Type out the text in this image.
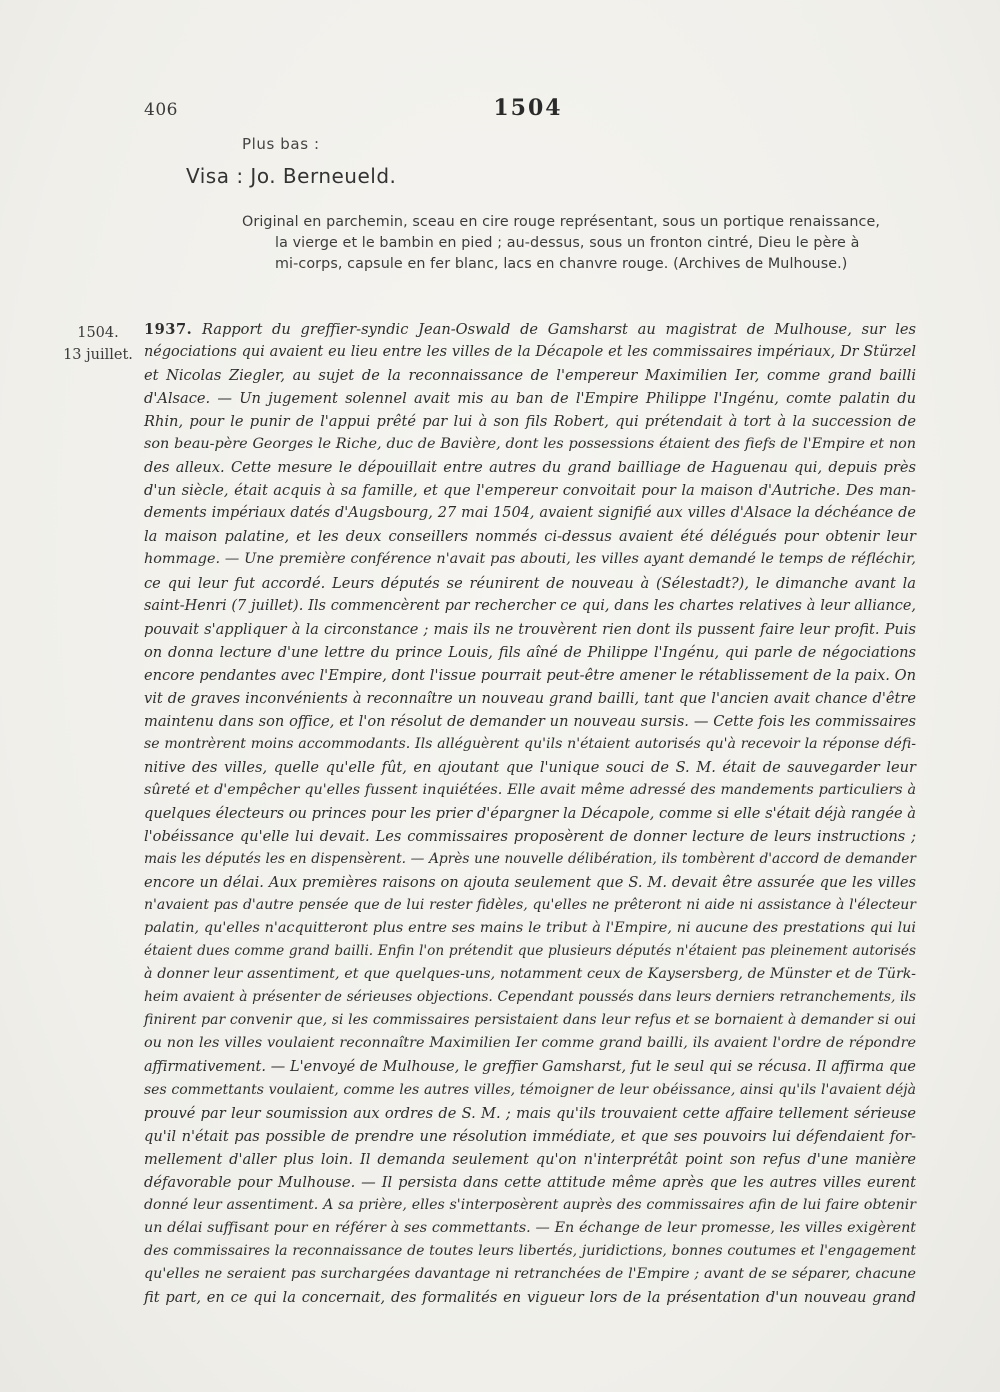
406	1504
Plus bas :
Visa : Jo. Berneueld.
Original en parchemin, sceau en cire rouge représentant, sous un portique renaissance,
la vierge et le bambin en pied ; au-dessus, sous un fronton cintré, Dieu le père à
mi-corps, capsule en fer blanc, lacs en chanvre rouge. (Archives de Mulhouse.)
1504.
13 juillet.
1937. Rapport du greffier-syndic Jean-Oswald de Gamsharst au magistrat de Mulhouse, sur les
négociations qui avaient eu lieu entre les villes de la Décapole et les commissaires impériaux, Dr Stürzel
et Nicolas Ziegler, au sujet de la reconnaissance de l'empereur Maximilien Ier, comme grand bailli
d'Alsace. — Un jugement solennel avait mis au ban de l'Empire Philippe l'Ingénu, comte palatin du
Rhin, pour le punir de l'appui prêté par lui à son fils Robert, qui prétendait à tort à la succession de
son beau-père Georges le Riche, duc de Bavière, dont les possessions étaient des fiefs de l'Empire et non
des alleux. Cette mesure le dépouillait entre autres du grand bailliage de Haguenau qui, depuis près
d'un siècle, était acquis à sa famille, et que l'empereur convoitait pour la maison d'Autriche. Des man-
dements impériaux datés d'Augsbourg, 27 mai 1504, avaient signifié aux villes d'Alsace la déchéance de
la maison palatine, et les deux conseillers nommés ci-dessus avaient été délégués pour obtenir leur
hommage. — Une première conférence n'avait pas abouti, les villes ayant demandé le temps de réfléchir,
ce qui leur fut accordé. Leurs députés se réunirent de nouveau à (Sélestadt?), le dimanche avant la
saint-Henri (7 juillet). Ils commencèrent par rechercher ce qui, dans les chartes relatives à leur alliance,
pouvait s'appliquer à la circonstance ; mais ils ne trouvèrent rien dont ils pussent faire leur profit. Puis
on donna lecture d'une lettre du prince Louis, fils aîné de Philippe l'Ingénu, qui parle de négociations
encore pendantes avec l'Empire, dont l'issue pourrait peut-être amener le rétablissement de la paix. On
vit de graves inconvénients à reconnaître un nouveau grand bailli, tant que l'ancien avait chance d'être
maintenu dans son office, et l'on résolut de demander un nouveau sursis. — Cette fois les commissaires
se montrèrent moins accommodants. Ils alléguèrent qu'ils n'étaient autorisés qu'à recevoir la réponse défi-
nitive des villes, quelle qu'elle fût, en ajoutant que l'unique souci de S. M. était de sauvegarder leur
sûreté et d'empêcher qu'elles fussent inquiétées. Elle avait même adressé des mandements particuliers à
quelques électeurs ou princes pour les prier d'épargner la Décapole, comme si elle s'était déjà rangée à
l'obéissance qu'elle lui devait. Les commissaires proposèrent de donner lecture de leurs instructions ;
mais les députés les en dispensèrent. — Après une nouvelle délibération, ils tombèrent d'accord de demander
encore un délai. Aux premières raisons on ajouta seulement que S. M. devait être assurée que les villes
n'avaient pas d'autre pensée que de lui rester fidèles, qu'elles ne prêteront ni aide ni assistance à l'électeur
palatin, qu'elles n'acquitteront plus entre ses mains le tribut à l'Empire, ni aucune des prestations qui lui
étaient dues comme grand bailli. Enfin l'on prétendit que plusieurs députés n'étaient pas pleinement autorisés
à donner leur assentiment, et que quelques-uns, notamment ceux de Kaysersberg, de Münster et de Türk-
heim avaient à présenter de sérieuses objections. Cependant poussés dans leurs derniers retranchements, ils
finirent par convenir que, si les commissaires persistaient dans leur refus et se bornaient à demander si oui
ou non les villes voulaient reconnaître Maximilien Ier comme grand bailli, ils avaient l'ordre de répondre
affirmativement. — L'envoyé de Mulhouse, le greffier Gamsharst, fut le seul qui se récusa. Il affirma que
ses commettants voulaient, comme les autres villes, témoigner de leur obéissance, ainsi qu'ils l'avaient déjà
prouvé par leur soumission aux ordres de S. M. ; mais qu'ils trouvaient cette affaire tellement sérieuse
qu'il n'était pas possible de prendre une résolution immédiate, et que ses pouvoirs lui défendaient for-
mellement d'aller plus loin. Il demanda seulement qu'on n'interprétât point son refus d'une manière
défavorable pour Mulhouse. — Il persista dans cette attitude même après que les autres villes eurent
donné leur assentiment. A sa prière, elles s'interposèrent auprès des commissaires afin de lui faire obtenir
un délai suffisant pour en référer à ses commettants. — En échange de leur promesse, les villes exigèrent
des commissaires la reconnaissance de toutes leurs libertés, juridictions, bonnes coutumes et l'engagement
qu'elles ne seraient pas surchargées davantage ni retranchées de l'Empire ; avant de se séparer, chacune
fit part, en ce qui la concernait, des formalités en vigueur lors de la présentation d'un nouveau grand
